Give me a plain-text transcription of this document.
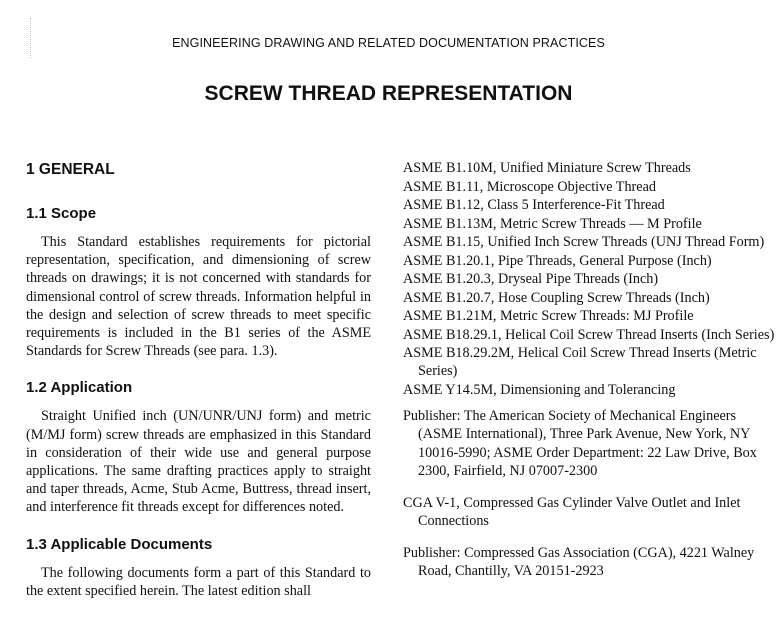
ENGINEERING DRAWING AND RELATED DOCUMENTATION PRACTICES
SCREW THREAD REPRESENTATION
1 GENERAL
1.1 Scope

This Standard establishes requirements for pictorial representation, specification, and dimensioning of screw threads on drawings; it is not concerned with standards for dimensional control of screw threads. Information helpful in the design and selection of screw threads to meet specific requirements is included in the B1 series of the ASME Standards for Screw Threads (see para. 1.3).

1.2 Application

Straight Unified inch (UN/UNR/UNJ form) and metric (M/MJ form) screw threads are emphasized in this Standard in consideration of their wide use and general purpose applications. The same drafting practices apply to straight and taper threads, Acme, Stub Acme, Buttress, thread insert, and interference fit threads except for differences noted.

1.3 Applicable Documents

The following documents form a part of this Standard to the extent specified herein. The latest edition shall

ASME B1.10M, Unified Miniature Screw Threads
ASME B1.11, Microscope Objective Thread
ASME B1.12, Class 5 Interference-Fit Thread
ASME B1.13M, Metric Screw Threads — M Profile
ASME B1.15, Unified Inch Screw Threads (UNJ Thread Form)
ASME B1.20.1, Pipe Threads, General Purpose (Inch)
ASME B1.20.3, Dryseal Pipe Threads (Inch)
ASME B1.20.7, Hose Coupling Screw Threads (Inch)
ASME B1.21M, Metric Screw Threads: MJ Profile
ASME B18.29.1, Helical Coil Screw Thread Inserts (Inch Series)
ASME B18.29.2M, Helical Coil Screw Thread Inserts (Metric Series)
ASME Y14.5M, Dimensioning and Tolerancing
Publisher: The American Society of Mechanical Engineers (ASME International), Three Park Avenue, New York, NY 10016-5990; ASME Order Department: 22 Law Drive, Box 2300, Fairfield, NJ 07007-2300
CGA V-1, Compressed Gas Cylinder Valve Outlet and Inlet Connections
Publisher: Compressed Gas Association (CGA), 4221 Walney Road, Chantilly, VA 20151-2923
